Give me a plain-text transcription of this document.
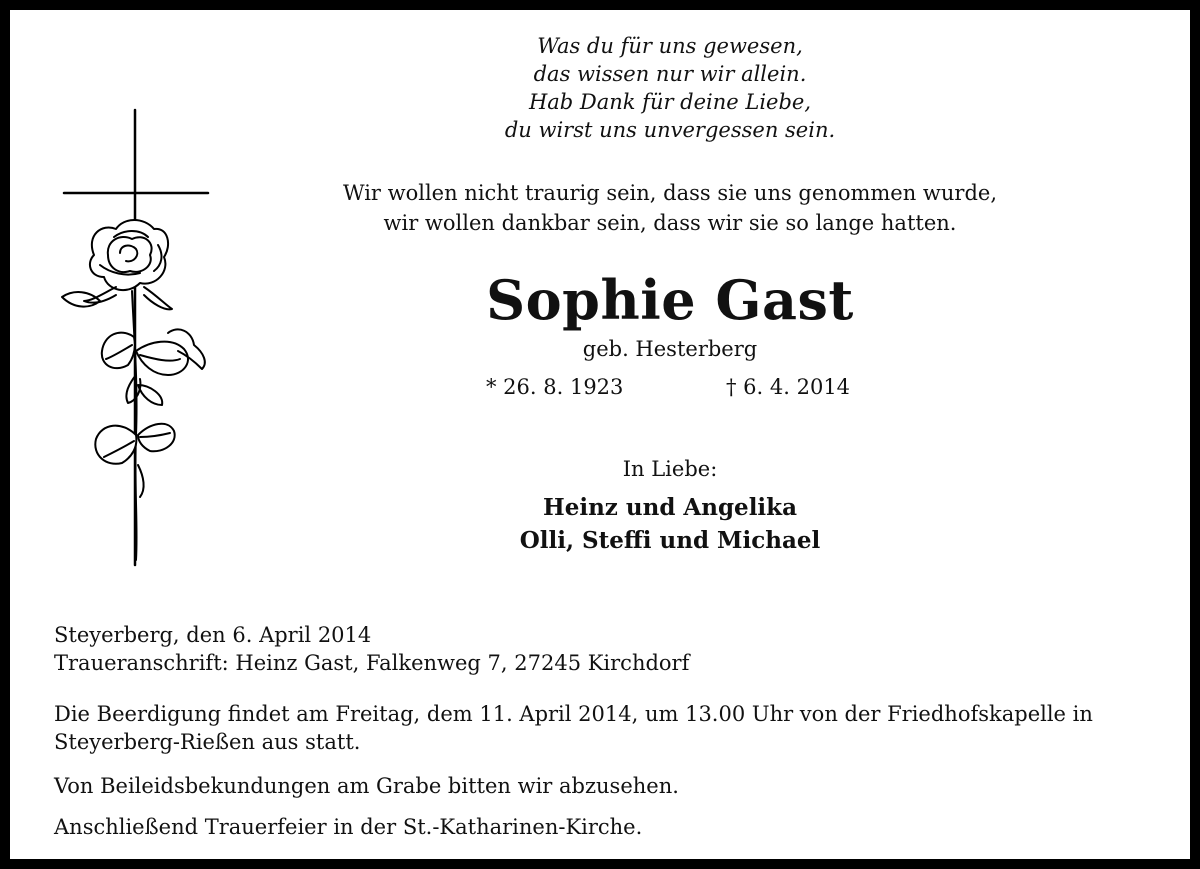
Was du für uns gewesen,
das wissen nur wir allein.
Hab Dank für deine Liebe,
du wirst uns unvergessen sein.
Wir wollen nicht traurig sein, dass sie uns genommen wurde,
wir wollen dankbar sein, dass wir sie so lange hatten.
Sophie Gast
geb. Hesterberg
* 26. 8. 1923	† 6. 4. 2014
In Liebe:
Heinz und Angelika
Olli, Steffi und Michael
Steyerberg, den 6. April 2014
Traueranschrift: Heinz Gast, Falkenweg 7, 27245 Kirchdorf
Die Beerdigung findet am Freitag, dem 11. April 2014, um 13.00 Uhr von der Friedhofskapelle in
Steyerberg-Rießen aus statt.
Von Beileidsbekundungen am Grabe bitten wir abzusehen.
Anschließend Trauerfeier in der St.-Katharinen-Kirche.
